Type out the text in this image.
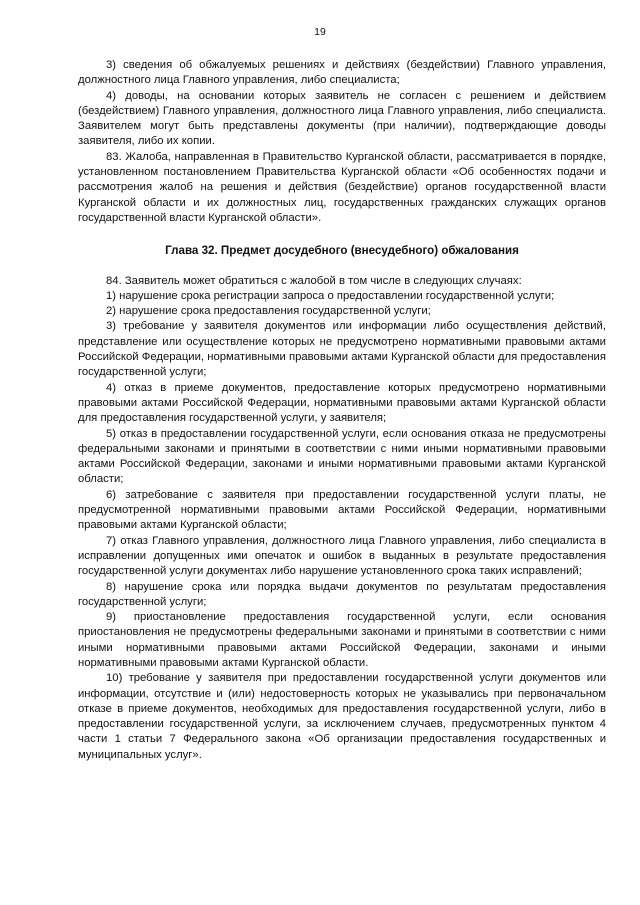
19

3) сведения об обжалуемых решениях и действиях (бездействии) Главного управления, должностного лица Главного управления, либо специалиста;

4) доводы, на основании которых заявитель не согласен с решением и действием (бездействием) Главного управления, должностного лица Главного управления, либо специалиста. Заявителем могут быть представлены документы (при наличии), подтверждающие доводы заявителя, либо их копии.

83. Жалоба, направленная в Правительство Курганской области, рассматривается в порядке, установленном постановлением Правительства Курганской области «Об особенностях подачи и рассмотрения жалоб на решения и действия (бездействие) органов государственной власти Курганской области и их должностных лиц, государственных гражданских служащих органов государственной власти Курганской области».

Глава 32. Предмет досудебного (внесудебного) обжалования

84. Заявитель может обратиться с жалобой в том числе в следующих случаях:

1) нарушение срока регистрации запроса о предоставлении государственной услуги;

2) нарушение срока предоставления государственной услуги;

3) требование у заявителя документов или информации либо осуществления действий, представление или осуществление которых не предусмотрено нормативными правовыми актами Российской Федерации, нормативными правовыми актами Курганской области для предоставления государственной услуги;

4) отказ в приеме документов, предоставление которых предусмотрено нормативными правовыми актами Российской Федерации, нормативными правовыми актами Курганской области для предоставления государственной услуги, у заявителя;

5) отказ в предоставлении государственной услуги, если основания отказа не предусмотрены федеральными законами и принятыми в соответствии с ними иными нормативными правовыми актами Российской Федерации, законами и иными нормативными правовыми актами Курганской области;

6) затребование с заявителя при предоставлении государственной услуги платы, не предусмотренной нормативными правовыми актами Российской Федерации, нормативными правовыми актами Курганской области;

7) отказ Главного управления, должностного лица Главного управления, либо специалиста в исправлении допущенных ими опечаток и ошибок в выданных в результате предоставления государственной услуги документах либо нарушение установленного срока таких исправлений;

8) нарушение срока или порядка выдачи документов по результатам предоставления государственной услуги;

9) приостановление предоставления государственной услуги, если основания приостановления не предусмотрены федеральными законами и принятыми в соответствии с ними иными нормативными правовыми актами Российской Федерации, законами и иными нормативными правовыми актами Курганской области.

10) требование у заявителя при предоставлении государственной услуги документов или информации, отсутствие и (или) недостоверность которых не указывались при первоначальном отказе в приеме документов, необходимых для предоставления государственной услуги, либо в предоставлении государственной услуги, за исключением случаев, предусмотренных пунктом 4 части 1 статьи 7 Федерального закона «Об организации предоставления государственных и муниципальных услуг».
